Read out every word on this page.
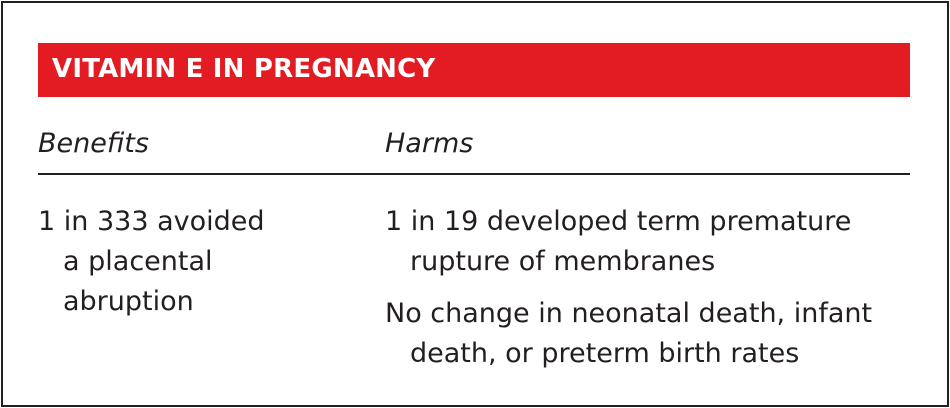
VITAMIN E IN PREGNANCY
Benefits	Harms
1 in 333 avoided
a placental
abruption
1 in 19 developed term premature
rupture of membranes
No change in neonatal death, infant
death, or preterm birth rates
